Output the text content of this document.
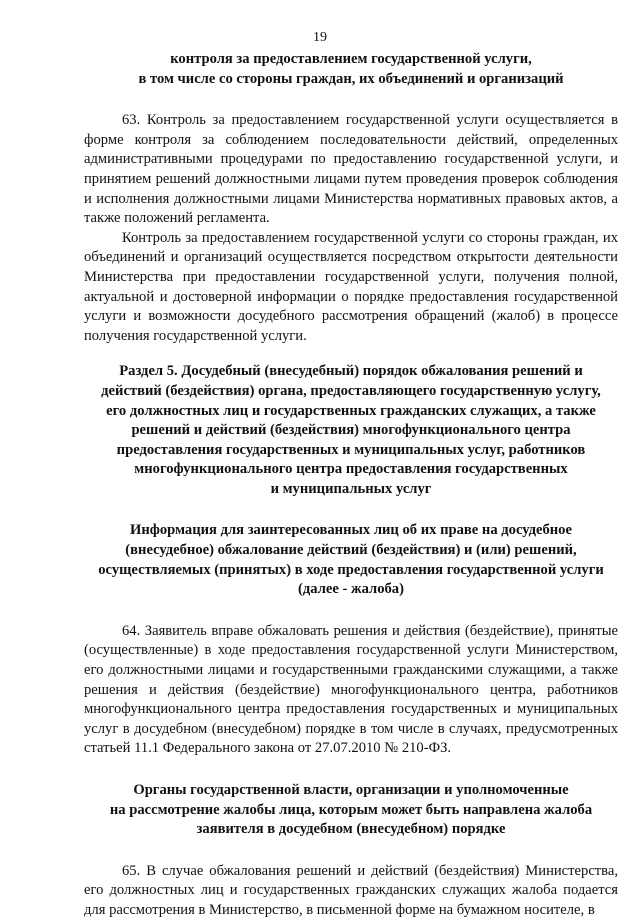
19
контроля за предоставлением государственной услуги,
в том числе со стороны граждан, их объединений и организаций

63. Контроль за предоставлением государственной услуги осуществляется в форме контроля за соблюдением последовательности действий, определенных административными процедурами по предоставлению государственной услуги, и принятием решений должностными лицами путем проведения проверок соблюдения и исполнения должностными лицами Министерства нормативных правовых актов, а также положений регламента.

Контроль за предоставлением государственной услуги со стороны граждан, их объединений и организаций осуществляется посредством открытости деятельности Министерства при предоставлении государственной услуги, получения полной, актуальной и достоверной информации о порядке предоставления государственной услуги и возможности досудебного рассмотрения обращений (жалоб) в процессе получения государственной услуги.

Раздел 5. Досудебный (внесудебный) порядок обжалования решений и
действий (бездействия) органа, предоставляющего государственную услугу,
его должностных лиц и государственных гражданских служащих, а также
решений и действий (бездействия) многофункционального центра
предоставления государственных и муниципальных услуг, работников
многофункционального центра предоставления государственных
и муниципальных услуг
Информация для заинтересованных лиц об их праве на досудебное
(внесудебное) обжалование действий (бездействия) и (или) решений,
осуществляемых (принятых) в ходе предоставления государственной услуги
(далее - жалоба)

64. Заявитель вправе обжаловать решения и действия (бездействие), принятые (осуществленные) в ходе предоставления государственной услуги Министерством, его должностными лицами и государственными гражданскими служащими, а также решения и действия (бездействие) многофункционального центра, работников многофункционального центра предоставления государственных и муниципальных услуг в досудебном (внесудебном) порядке в том числе в случаях, предусмотренных статьей 11.1 Федерального закона от 27.07.2010 № 210-ФЗ.

Органы государственной власти, организации и уполномоченные
на рассмотрение жалобы лица, которым может быть направлена жалоба
заявителя в досудебном (внесудебном) порядке

65. В случае обжалования решений и действий (бездействия) Министерства, его должностных лиц и государственных гражданских служащих жалоба подается для рассмотрения в Министерство, в письменной форме на бумажном носителе, в
